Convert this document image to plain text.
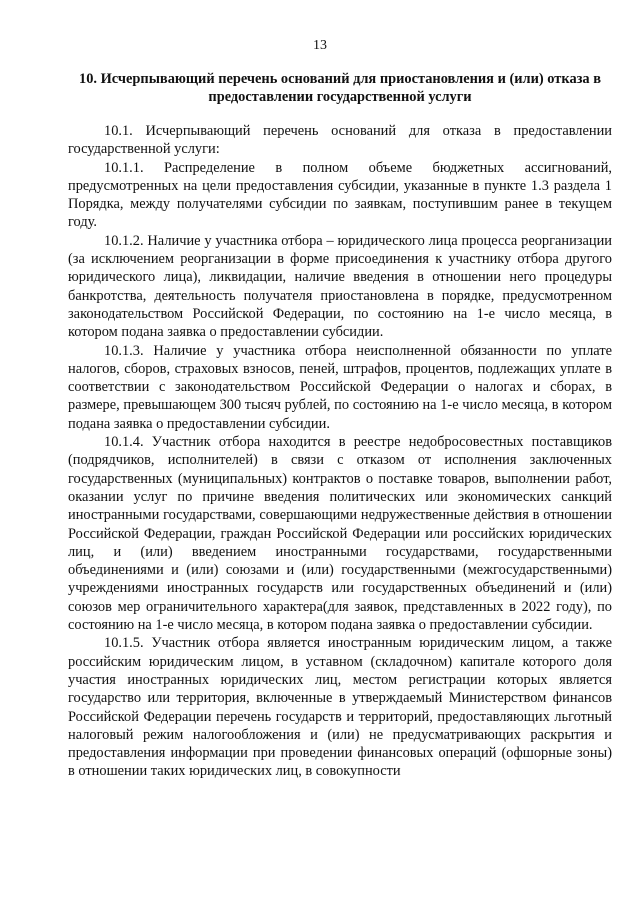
13
10. Исчерпывающий перечень оснований для приостановления и (или) отказа в предоставлении государственной услуги

10.1. Исчерпывающий перечень оснований для отказа в предоставлении государственной услуги:

10.1.1. Распределение в полном объеме бюджетных ассигнований, предусмотренных на цели предоставления субсидии, указанные в пункте 1.3 раздела 1 Порядка, между получателями субсидии по заявкам, поступившим ранее в текущем году.

10.1.2. Наличие у участника отбора – юридического лица процесса реорганизации (за исключением реорганизации в форме присоединения к участнику отбора другого юридического лица), ликвидации, наличие введения в отношении него процедуры банкротства, деятельность получателя приостановлена в порядке, предусмотренном законодательством Российской Федерации, по состоянию на 1-е число месяца, в котором подана заявка о предоставлении субсидии.

10.1.3. Наличие у участника отбора неисполненной обязанности по уплате налогов, сборов, страховых взносов, пеней, штрафов, процентов, подлежащих уплате в соответствии с законодательством Российской Федерации о налогах и сборах, в размере, превышающем 300 тысяч рублей, по состоянию на 1-е число месяца, в котором подана заявка о предоставлении субсидии.

10.1.4. Участник отбора находится в реестре недобросовестных поставщиков (подрядчиков, исполнителей) в связи с отказом от исполнения заключенных государственных (муниципальных) контрактов о поставке товаров, выполнении работ, оказании услуг по причине введения политических или экономических санкций иностранными государствами, совершающими недружественные действия в отношении Российской Федерации, граждан Российской Федерации или российских юридических лиц, и (или) введением иностранными государствами, государственными объединениями и (или) союзами и (или) государственными (межгосударственными) учреждениями иностранных государств или государственных объединений и (или) союзов мер ограничительного характера(для заявок, представленных в 2022 году), по состоянию на 1-е число месяца, в котором подана заявка о предоставлении субсидии.

10.1.5. Участник отбора является иностранным юридическим лицом, а также российским юридическим лицом, в уставном (складочном) капитале которого доля участия иностранных юридических лиц, местом регистрации которых является государство или территория, включенные в утверждаемый Министерством финансов Российской Федерации перечень государств и территорий, предоставляющих льготный налоговый режим налогообложения и (или) не предусматривающих раскрытия и предоставления информации при проведении финансовых операций (офшорные зоны) в отношении таких юридических лиц, в совокупности
